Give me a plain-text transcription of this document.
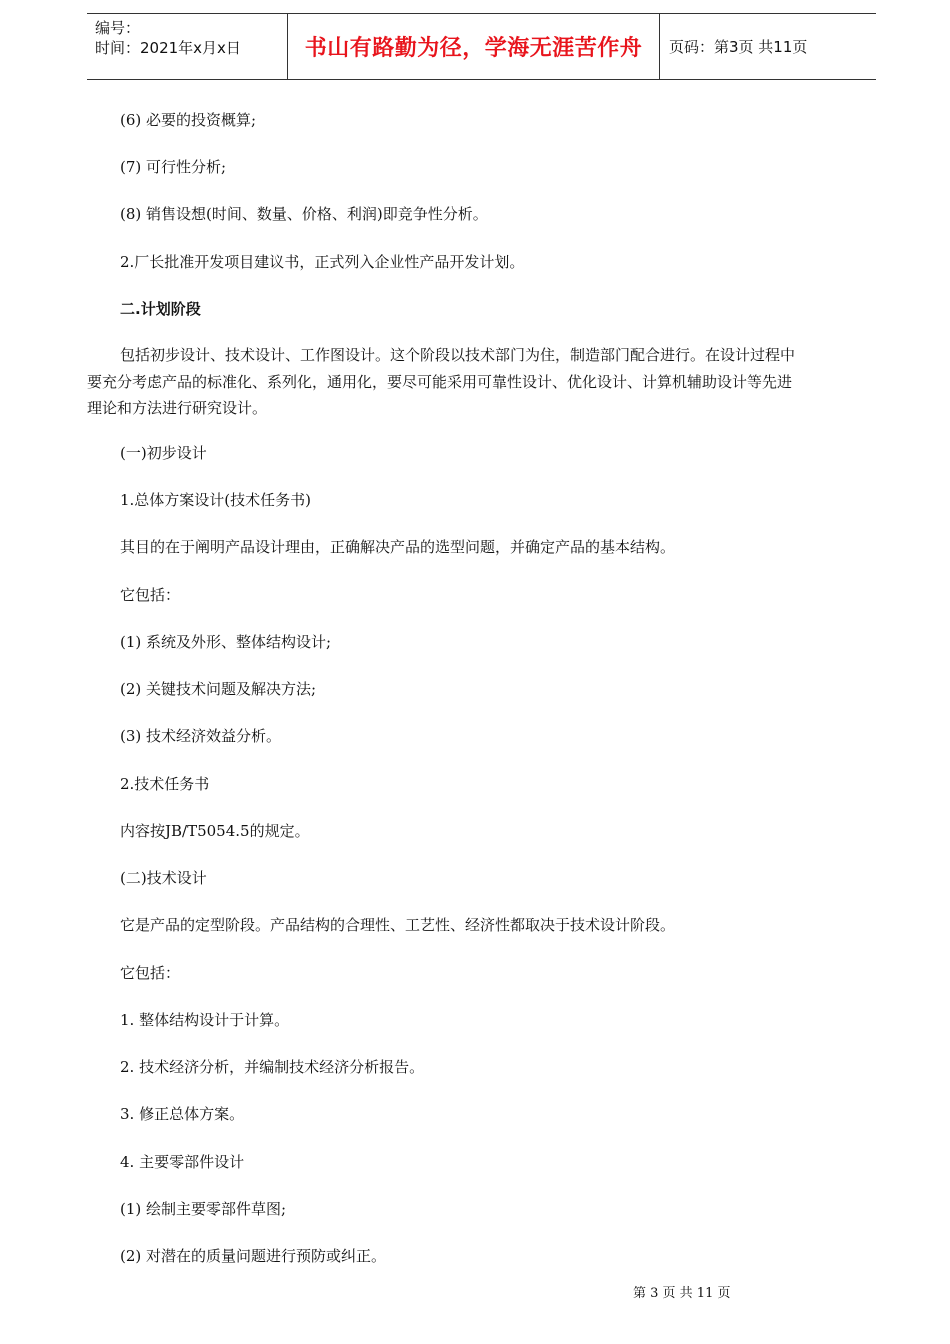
编号：
时间：2021年x月x日	书山有路勤为径，学海无涯苦作舟	页码：第3页 共11页
(6) 必要的投资概算;
(7) 可行性分析;
(8) 销售设想(时间、数量、价格、利润)即竞争性分析。
2.厂长批准开发项目建议书，正式列入企业性产品开发计划。
二.计划阶段
包括初步设计、技术设计、工作图设计。这个阶段以技术部门为住，制造部门配合进行。在设计过程中
要充分考虑产品的标准化、系列化，通用化，要尽可能采用可靠性设计、优化设计、计算机辅助设计等先进
理论和方法进行研究设计。
(一)初步设计
1.总体方案设计(技术任务书)
其目的在于阐明产品设计理由，正确解决产品的选型问题，并确定产品的基本结构。
它包括：
(1) 系统及外形、整体结构设计;
(2) 关键技术问题及解决方法;
(3) 技术经济效益分析。
2.技术任务书
内容按JB/T5054.5的规定。
(二)技术设计
它是产品的定型阶段。产品结构的合理性、工艺性、经济性都取决于技术设计阶段。
它包括：
1. 整体结构设计于计算。
2. 技术经济分析，并编制技术经济分析报告。
3. 修正总体方案。
4. 主要零部件设计
(1) 绘制主要零部件草图;
(2) 对潜在的质量问题进行预防或纠正。
第 3 页 共 11 页
